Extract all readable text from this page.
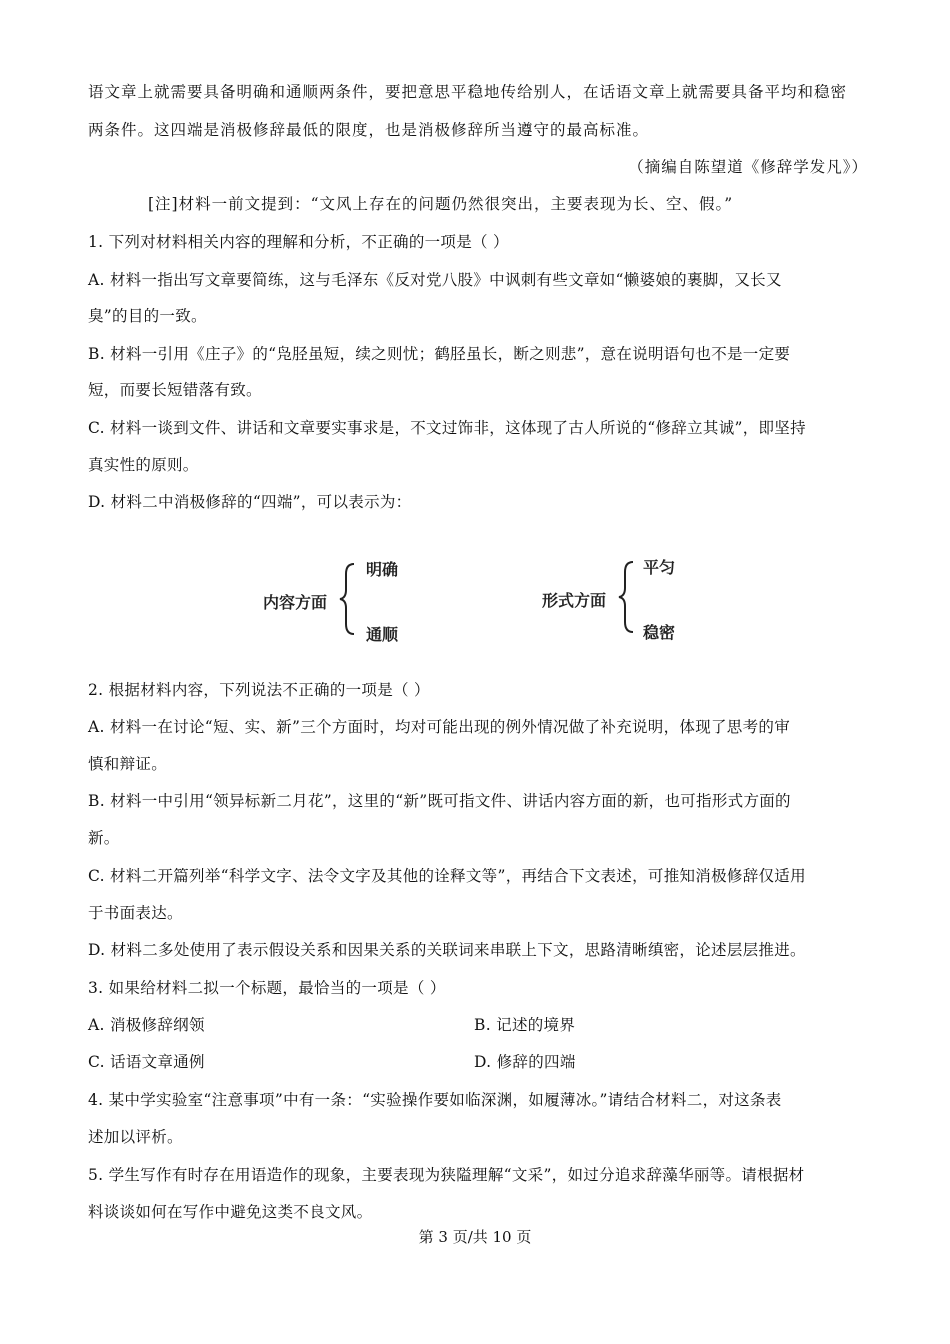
语文章上就需要具备明确和通顺两条件，要把意思平稳地传给别人，在话语文章上就需要具备平均和稳密
两条件。这四端是消极修辞最低的限度，也是消极修辞所当遵守的最高标准。
（摘编自陈望道《修辞学发凡》）
[注]材料一前文提到：“文风上存在的问题仍然很突出，主要表现为长、空、假。”
1. 下列对材料相关内容的理解和分析，不正确的一项是（ ）
A. 材料一指出写文章要简练，这与毛泽东《反对党八股》中讽刺有些文章如“懒婆娘的裹脚，又长又
臭”的目的一致。
B. 材料一引用《庄子》的“凫胫虽短，续之则忧；鹤胫虽长，断之则悲”，意在说明语句也不是一定要
短，而要长短错落有致。
C. 材料一谈到文件、讲话和文章要实事求是，不文过饰非，这体现了古人所说的“修辞立其诚”，即坚持
真实性的原则。
D. 材料二中消极修辞的“四端”，可以表示为：
内容方面
明确
通顺
形式方面
平匀
稳密
2. 根据材料内容，下列说法不正确的一项是（ ）
A. 材料一在讨论“短、实、新”三个方面时，均对可能出现的例外情况做了补充说明，体现了思考的审
慎和辩证。
B. 材料一中引用“领异标新二月花”，这里的“新”既可指文件、讲话内容方面的新，也可指形式方面的
新。
C. 材料二开篇列举“科学文字、法令文字及其他的诠释文等”，再结合下文表述，可推知消极修辞仅适用
于书面表达。
D. 材料二多处使用了表示假设关系和因果关系的关联词来串联上下文，思路清晰缜密，论述层层推进。
3. 如果给材料二拟一个标题，最恰当的一项是（ ）
A. 消极修辞纲领	B. 记述的境界
C. 话语文章通例	D. 修辞的四端
4. 某中学实验室“注意事项”中有一条：“实验操作要如临深渊，如履薄冰。”请结合材料二，对这条表
述加以评析。
5. 学生写作有时存在用语造作的现象，主要表现为狭隘理解“文采”，如过分追求辞藻华丽等。请根据材
料谈谈如何在写作中避免这类不良文风。
第 3 页/共 10 页
